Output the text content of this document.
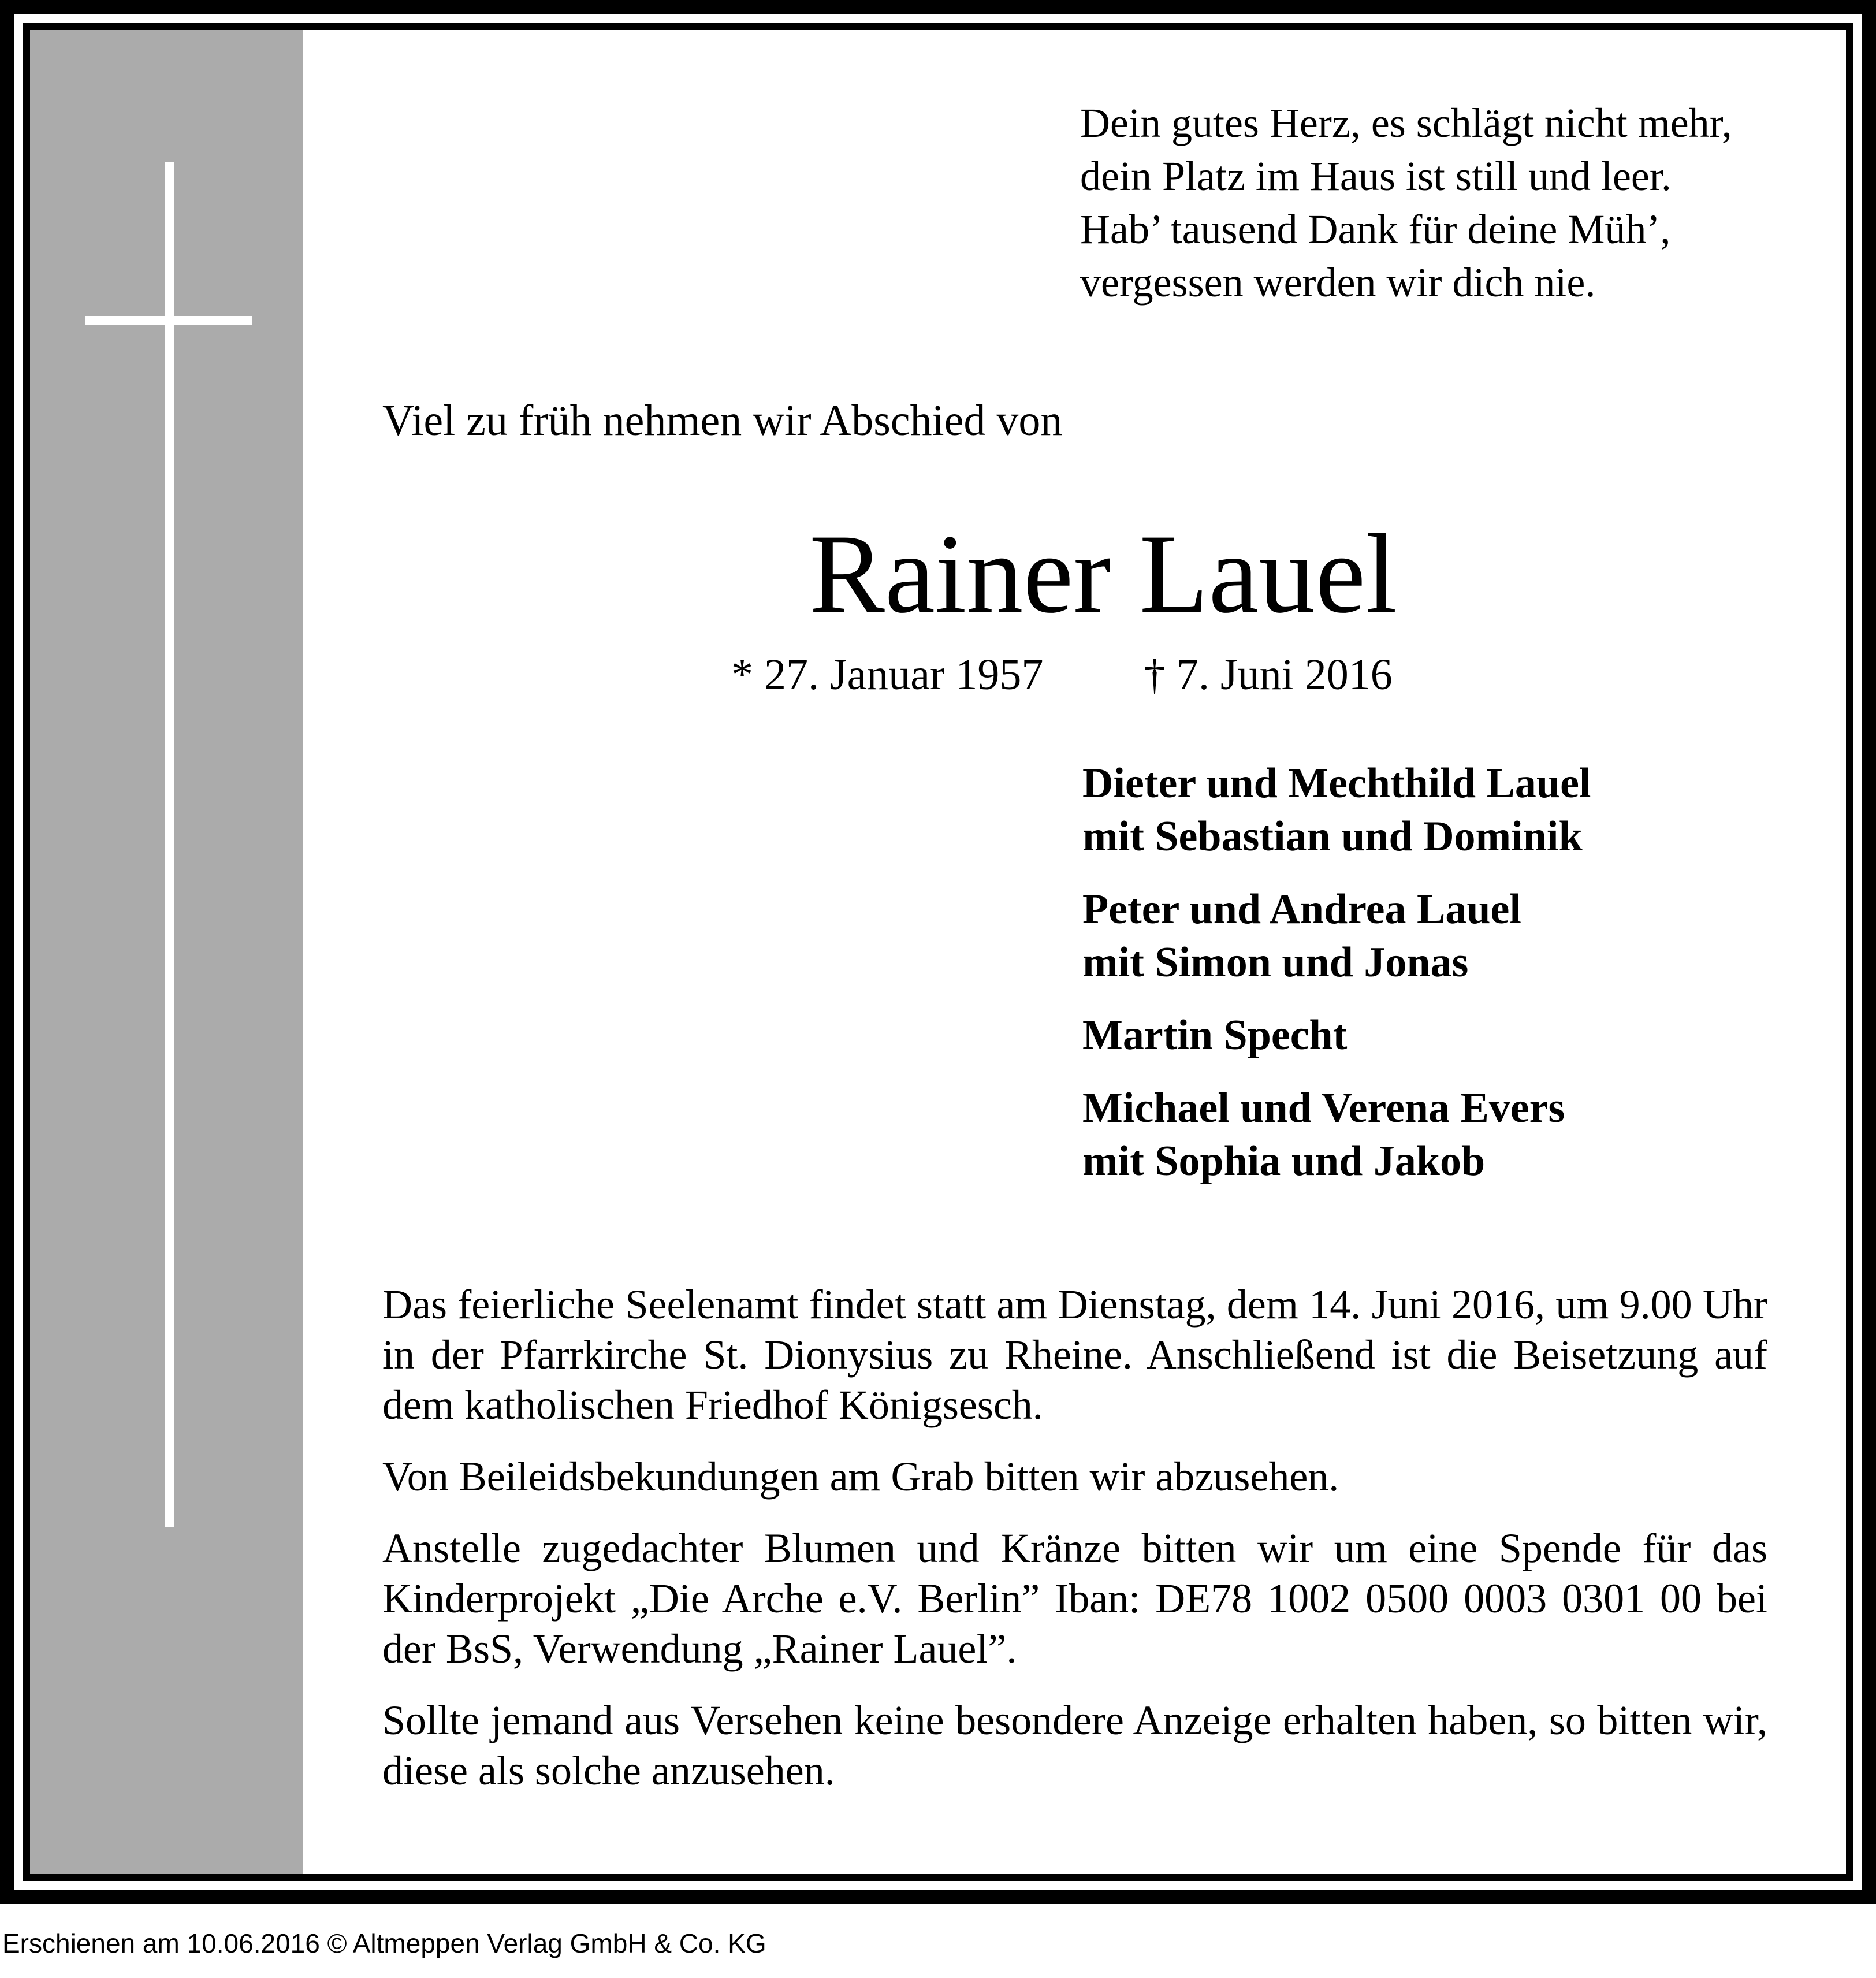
Dein gutes Herz, es schlägt nicht mehr,
dein Platz im Haus ist still und leer.
Hab’ tausend Dank für deine Müh’,
vergessen werden wir dich nie.
Viel zu früh nehmen wir Abschied von
Rainer Lauel
* 27. Januar 1957 † 7. Juni 2016
Dieter und Mechthild Lauel
mit Sebastian und Dominik
Peter und Andrea Lauel
mit Simon und Jonas
Martin Specht
Michael und Verena Evers
mit Sophia und Jakob

Das feierliche Seelenamt findet statt am Dienstag, dem 14. Juni 2016, um 9.00 Uhr in der Pfarrkirche St. Dionysius zu Rheine. Anschließend ist die Beisetzung auf dem katholischen Friedhof Königsesch.

Von Beileidsbekundungen am Grab bitten wir abzusehen.

Anstelle zugedachter Blumen und Kränze bitten wir um eine Spende für das Kinderprojekt „Die Arche e.V. Berlin” Iban: DE78 1002 0500 0003 0301 00 bei der BsS, Verwendung „Rainer Lauel”.

Sollte jemand aus Versehen keine besondere Anzeige erhalten haben, so bitten wir, diese als solche anzusehen.

Erschienen am 10.06.2016 © Altmeppen Verlag GmbH & Co. KG
